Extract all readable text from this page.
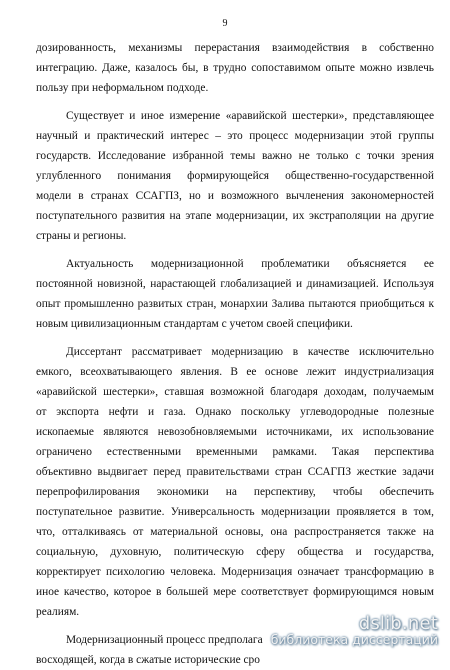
9
дозированность, механизмы перерастания взаимодействия в собственно
интеграцию. Даже, казалось бы, в трудно сопоставимом опыте можно извлечь
пользу при неформальном подходе.
Существует и иное измерение «аравийской шестерки», представляющее
научный и практический интерес – это процесс модернизации этой группы
государств. Исследование избранной темы важно не только с точки зрения
углубленного понимания формирующейся общественно-государственной
модели в странах ССАГПЗ, но и возможного вычленения закономерностей
поступательного развития на этапе модернизации, их экстраполяции на другие
страны и регионы.
Актуальность модернизационной проблематики объясняется ее
постоянной новизной, нарастающей глобализацией и динамизацией. Используя
опыт промышленно развитых стран, монархии Залива пытаются приобщиться к
новым цивилизационным стандартам с учетом своей специфики.
Диссертант рассматривает модернизацию в качестве исключительно
емкого, всеохватывающего явления. В ее основе лежит индустриализация
«аравийской шестерки», ставшая возможной благодаря доходам, получаемым
от экспорта нефти и газа. Однако поскольку углеводородные полезные
ископаемые являются невозобновляемыми источниками, их использование
ограничено естественными временными рамками. Такая перспектива
объективно выдвигает перед правительствами стран ССАГПЗ жесткие задачи
перепрофилирования экономики на перспективу, чтобы обеспечить
поступательное развитие. Универсальность модернизации проявляется в том,
что, отталкиваясь от материальной основы, она распространяется также на
социальную, духовную, политическую сферу общества и государства,
корректирует психологию человека. Модернизация означает трансформацию в
иное качество, которое в большей мере соответствует формирующимся новым
реалиям.
Модернизационный процесс предполага
восходящей, когда в сжатые исторические сро
dslib.net
библиотека диссертаций
